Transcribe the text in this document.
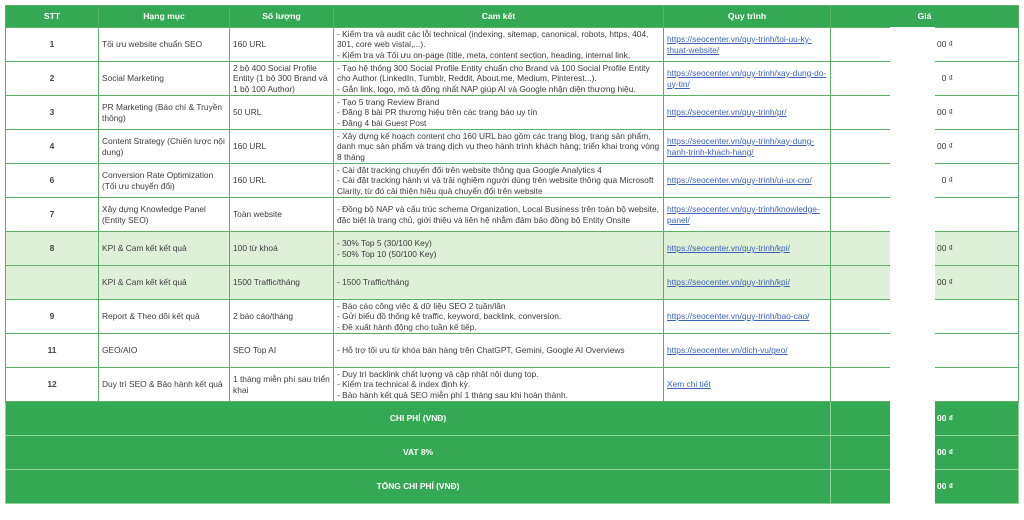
STT	Hạng mục	Số lượng	Cam kết	Quy trình	Giá
1	Tối ưu website chuẩn SEO	160 URL	- Kiểm tra và audit các lỗi technical (indexing, sitemap, canonical, robots, https, 404, 301, core web vistal,...).
- Kiểm tra và Tối ưu on-page (title, meta, content section, heading, internal link,	https://seocenter.vn/quy-trinh/toi-uu-ky-thuat-website/	00 ₫
2	Social Marketing	2 bộ 400 Social Profile Entity (1 bộ 300 Brand và 1 bộ 100 Author)	- Tạo hệ thống 300 Social Profile Entity chuẩn cho Brand và 100 Social Profile Entity cho Author (LinkedIn, Tumblr, Reddit, About.me, Medium, Pinterest...).
- Gắn link, logo, mô tả đồng nhất NAP giúp AI và Google nhận diện thương hiệu.	https://seocenter.vn/quy-trinh/xay-dung-do-uy-tin/	0 ₫
3	PR Marketing (Báo chí & Truyền thông)	50 URL	- Tạo 5 trang Review Brand
- Đăng 8 bài PR thương hiệu trên các trang báo uy tín
- Đăng 4 bài Guest Post	https://seocenter.vn/quy-trinh/pr/	00 ₫
4	Content Strategy (Chiến lược nội dung)	160 URL	- Xây dựng kế hoạch content cho 160 URL bao gồm các trang blog, trang sản phẩm, danh mục sản phẩm và trang dịch vụ theo hành trình khách hàng; triển khai trong vòng 8 tháng	https://seocenter.vn/quy-trinh/xay-dung-hanh-trinh-khach-hang/	00 ₫
6	Conversion Rate Optimization (Tối ưu chuyển đổi)	160 URL	- Cài đặt tracking chuyển đổi trên website thông qua Google Analytics 4
- Cài đặt tracking hành vi và trải nghiệm người dùng trên website thông qua Microsoft Clarity, từ đó cải thiện hiệu quả chuyển đổi trên website	https://seocenter.vn/quy-trinh/ui-ux-cro/	0 ₫
7	Xây dựng Knowledge Panel (Entity SEO)	Toàn website	- Đồng bộ NAP và cấu trúc schema Organization, Local Business trên toàn bộ website, đặc biệt là trang chủ, giới thiệu và liên hệ nhằm đảm bảo đồng bộ Entity Onsite	https://seocenter.vn/quy-trinh/knowledge-panel/	
8	KPI & Cam kết kết quả	100 từ khoá	- 30% Top 5 (30/100 Key)
- 50% Top 10 (50/100 Key)	https://seocenter.vn/quy-trinh/kpi/	00 ₫
	KPI & Cam kết kết quả	1500 Traffic/tháng	- 1500 Traffic/tháng	https://seocenter.vn/quy-trinh/kpi/	00 ₫
9	Report & Theo dõi kết quả	2 báo cáo/tháng	- Báo cáo công việc & dữ liệu SEO 2 tuần/lần
- Gửi biểu đồ thống kê traffic, keyword, backlink, conversion.
- Đề xuất hành động cho tuần kế tiếp.	https://seocenter.vn/quy-trinh/bao-cao/	
11	GEO/AIO	SEO Top AI	- Hỗ trợ tối ưu từ khóa bán hàng trên ChatGPT, Gemini, Google AI Overviews	https://seocenter.vn/dich-vu/geo/	
12	Duy trì SEO & Bảo hành kết quả	1 tháng miễn phí sau triển khai	- Duy trì backlink chất lượng và cập nhật nội dung top.
- Kiểm tra technical & index định kỳ.
- Bảo hành kết quả SEO miễn phí 1 tháng sau khi hoàn thành.	Xem chi tiết	
CHI PHÍ (VNĐ)					00 ₫
VAT 8%					00 ₫
TỔNG CHI PHÍ (VNĐ)					00 ₫
